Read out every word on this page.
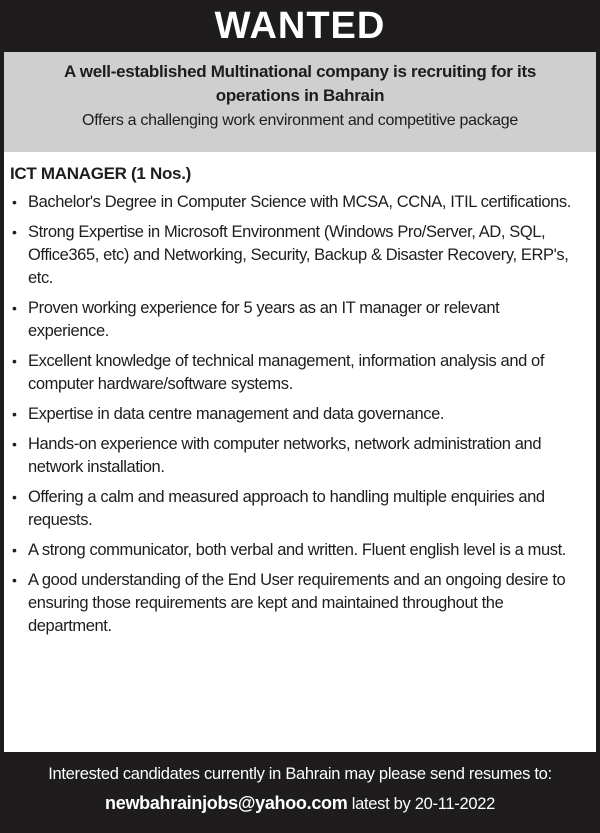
WANTED
A well-established Multinational company is recruiting for its
operations in Bahrain
Offers a challenging work environment and competitive package
ICT MANAGER (1 Nos.)
• Bachelor's Degree in Computer Science with MCSA, CCNA, ITIL certifications.
• Strong Expertise in Microsoft Environment (Windows Pro/Server, AD, SQL, Office365, etc) and Networking, Security, Backup & Disaster Recovery, ERP's, etc.
• Proven working experience for 5 years as an IT manager or relevant experience.
• Excellent knowledge of technical management, information analysis and of computer hardware/software systems.
• Expertise in data centre management and data governance.
• Hands-on experience with computer networks, network administration and network installation.
• Offering a calm and measured approach to handling multiple enquiries and requests.
• A strong communicator, both verbal and written. Fluent english level is a must.
• A good understanding of the End User requirements and an ongoing desire to ensuring those requirements are kept and maintained throughout the department.
Interested candidates currently in Bahrain may please send resumes to:
newbahrainjobs@yahoo.com latest by 20-11-2022
